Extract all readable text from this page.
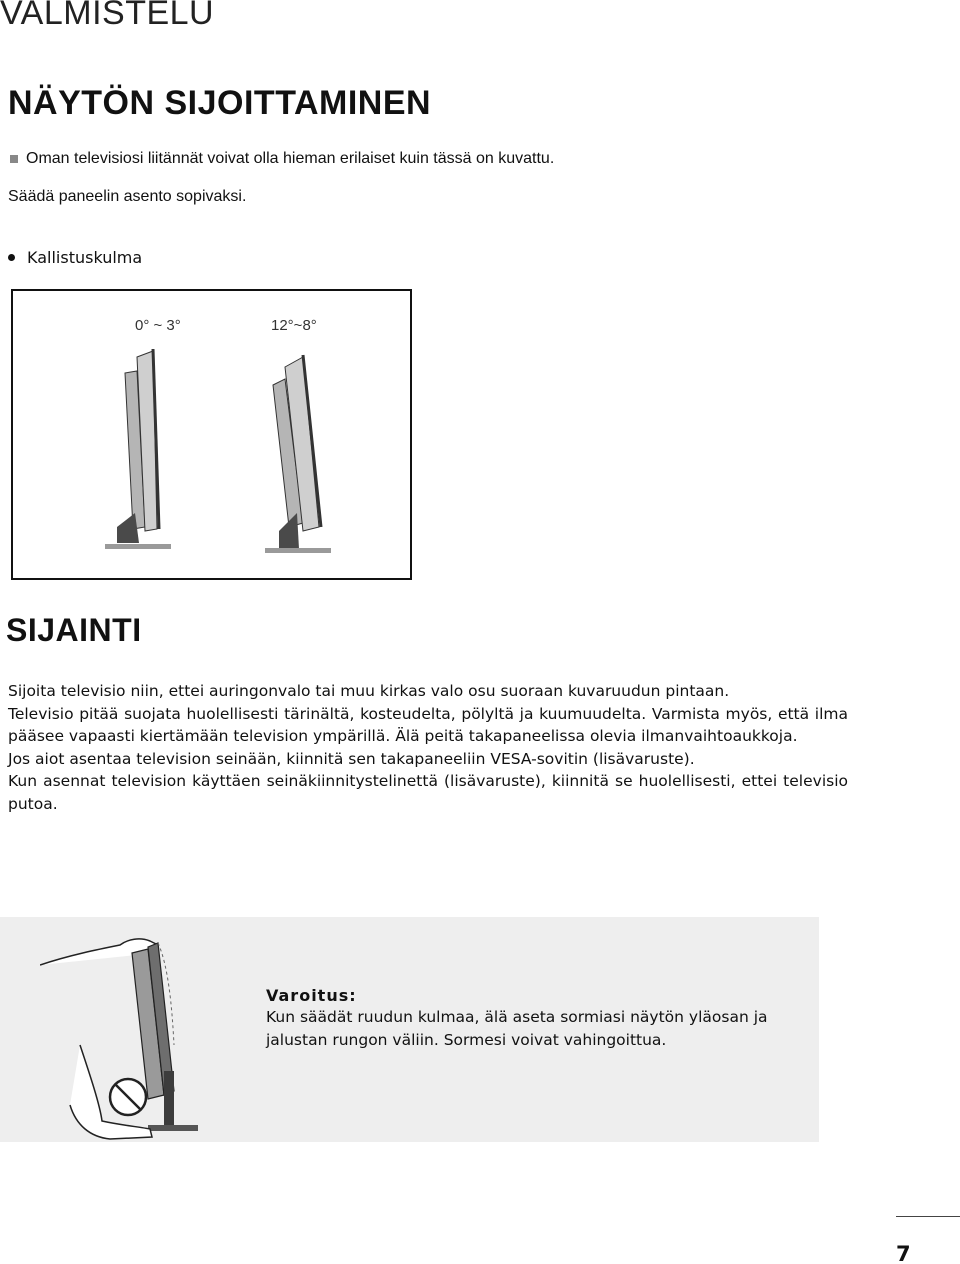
VALMISTELU
NÄYTÖN SIJOITTAMINEN
Oman televisiosi liitännät voivat olla hieman erilaiset kuin tässä on kuvattu.

Säädä paneelin asento sopivaksi.

Kallistuskulma
0° ~ 3°	12°~8°
SIJAINTI

Sijoita televisio niin, ettei auringonvalo tai muu kirkas valo osu suoraan kuvaruudun pintaan.

Televisio pitää suojata huolellisesti tärinältä, kosteudelta, pölyltä ja kuumuudelta. Varmista myös, että ilma pääsee vapaasti kiertämään television ympärillä. Älä peitä takapaneelissa olevia ilmanvaihtoaukkoja.

Jos aiot asentaa television seinään, kiinnitä sen takapaneeliin VESA-sovitin (lisävaruste).

Kun asennat television käyttäen seinäkiinnitystelinettä (lisävaruste), kiinnitä se huolellisesti, ettei televisio putoa.

Varoitus:
Kun säädät ruudun kulmaa, älä aseta sormiasi näytön yläosan ja jalustan rungon väliin. Sormesi voivat vahingoittua.
7
